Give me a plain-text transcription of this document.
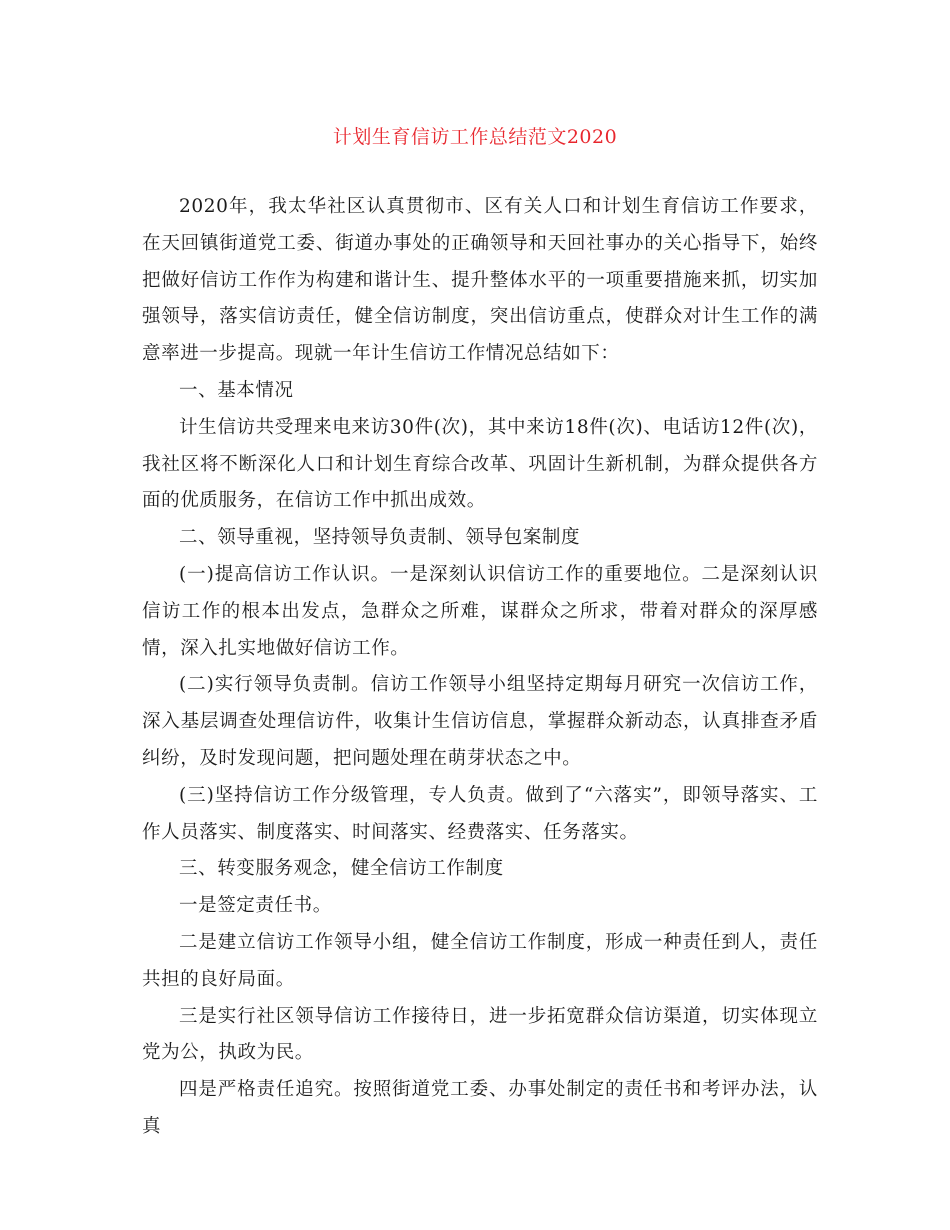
计划生育信访工作总结范文2020

2020年，我太华社区认真贯彻市、区有关人口和计划生育信访工作要求，在天回镇街道党工委、街道办事处的正确领导和天回社事办的关心指导下，始终把做好信访工作作为构建和谐计生、提升整体水平的一项重要措施来抓，切实加强领导，落实信访责任，健全信访制度，突出信访重点，使群众对计生工作的满意率进一步提高。现就一年计生信访工作情况总结如下：

一、基本情况

计生信访共受理来电来访30件(次)，其中来访18件(次)、电话访12件(次)，我社区将不断深化人口和计划生育综合改革、巩固计生新机制，为群众提供各方面的优质服务，在信访工作中抓出成效。

二、领导重视，坚持领导负责制、领导包案制度

(一)提高信访工作认识。一是深刻认识信访工作的重要地位。二是深刻认识信访工作的根本出发点，急群众之所难，谋群众之所求，带着对群众的深厚感情，深入扎实地做好信访工作。

(二)实行领导负责制。信访工作领导小组坚持定期每月研究一次信访工作，深入基层调查处理信访件，收集计生信访信息，掌握群众新动态，认真排查矛盾纠纷，及时发现问题，把问题处理在萌芽状态之中。

(三)坚持信访工作分级管理，专人负责。做到了“六落实”，即领导落实、工作人员落实、制度落实、时间落实、经费落实、任务落实。

三、转变服务观念，健全信访工作制度

一是签定责任书。

二是建立信访工作领导小组，健全信访工作制度，形成一种责任到人，责任共担的良好局面。

三是实行社区领导信访工作接待日，进一步拓宽群众信访渠道，切实体现立党为公，执政为民。

四是严格责任追究。按照街道党工委、办事处制定的责任书和考评办法，认真
